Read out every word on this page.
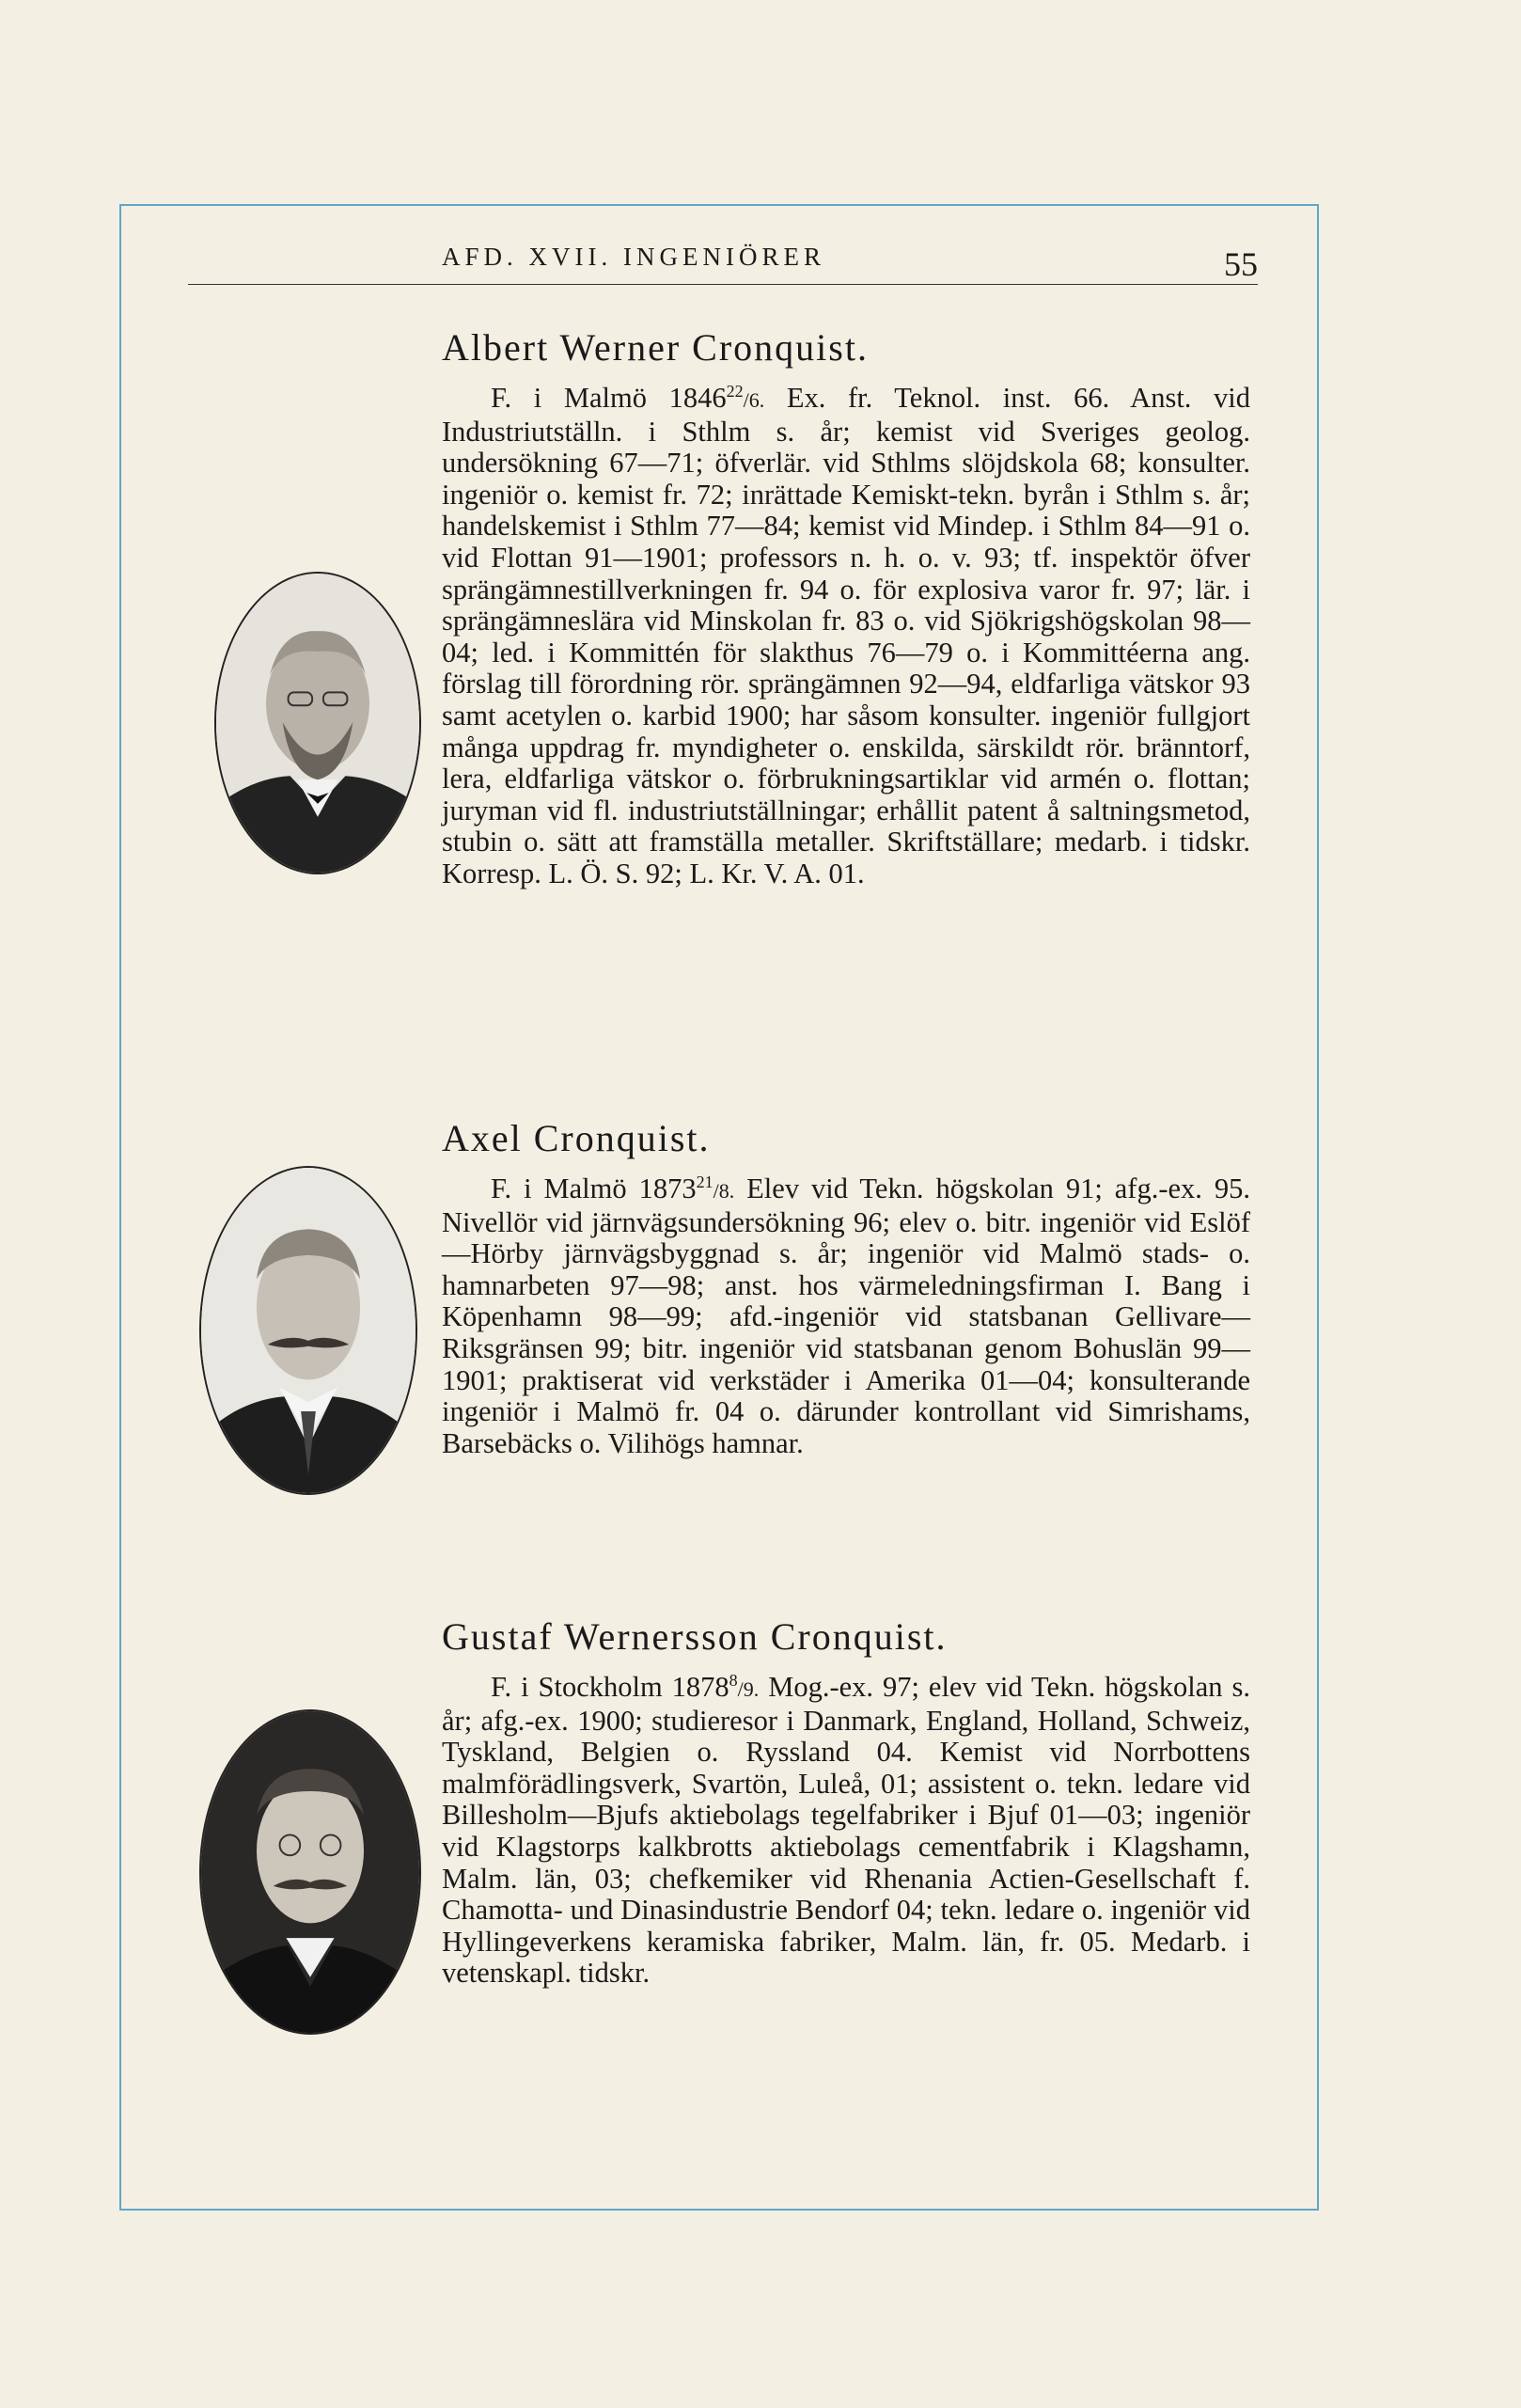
AFD. XVII. INGENIÖRER	55
Albert Werner Cronquist.

F. i Malmö 1846$^{22}$/6. Ex. fr. Teknol. inst. 66. Anst. vid Industriutställn. i Sthlm s. år; kemist vid Sveriges geolog. undersökning 67—71; öfverlär. vid Sthlms slöjdskola 68; konsulter. ingeniör o. kemist fr. 72; inrättade Kemiskt-tekn. byrån i Sthlm s. år; handelskemist i Sthlm 77—84; kemist vid Mindep. i Sthlm 84—91 o. vid Flottan 91—1901; professors n. h. o. v. 93; tf. inspektör öfver sprängämnestillverkningen fr. 94 o. för explosiva varor fr. 97; lär. i sprängämneslära vid Minskolan fr. 83 o. vid Sjökrigshögskolan 98—04; led. i Kommittén för slakthus 76—79 o. i Kommittéerna ang. förslag till förordning rör. sprängämnen 92—94, eldfarliga vätskor 93 samt acetylen o. karbid 1900; har såsom konsulter. ingeniör fullgjort många uppdrag fr. myndigheter o. enskilda, särskildt rör. bränntorf, lera, eldfarliga vätskor o. förbrukningsartiklar vid armén o. flottan; juryman vid fl. industriutställningar; erhållit patent å saltningsmetod, stubin o. sätt att framställa metaller. Skriftställare; medarb. i tidskr. Korresp. L. Ö. S. 92; L. Kr. V. A. 01.

Axel Cronquist.

F. i Malmö 1873$^{21}$/8. Elev vid Tekn. högskolan 91; afg.-ex. 95. Nivellör vid järnvägsundersökning 96; elev o. bitr. ingeniör vid Eslöf—Hörby järnvägsbyggnad s. år; ingeniör vid Malmö stads- o. hamnarbeten 97—98; anst. hos värmeledningsfirman I. Bang i Köpenhamn 98—99; afd.-ingeniör vid statsbanan Gellivare—Riksgränsen 99; bitr. ingeniör vid statsbanan genom Bohuslän 99—1901; praktiserat vid verkstäder i Amerika 01—04; konsulterande ingeniör i Malmö fr. 04 o. därunder kontrollant vid Simrishams, Barsebäcks o. Vilihögs hamnar.

Gustaf Wernersson Cronquist.

F. i Stockholm 1878$^8$/9. Mog.-ex. 97; elev vid Tekn. högskolan s. år; afg.-ex. 1900; studieresor i Danmark, England, Holland, Schweiz, Tyskland, Belgien o. Ryssland 04. Kemist vid Norrbottens malmförädlingsverk, Svartön, Luleå, 01; assistent o. tekn. ledare vid Billesholm—Bjufs aktiebolags tegelfabriker i Bjuf 01—03; ingeniör vid Klagstorps kalkbrotts aktiebolags cementfabrik i Klagshamn, Malm. län, 03; chefkemiker vid Rhenania Actien-Gesellschaft f. Chamotta- und Dinasindustrie Bendorf 04; tekn. ledare o. ingeniör vid Hyllingeverkens keramiska fabriker, Malm. län, fr. 05. Medarb. i vetenskapl. tidskr.
